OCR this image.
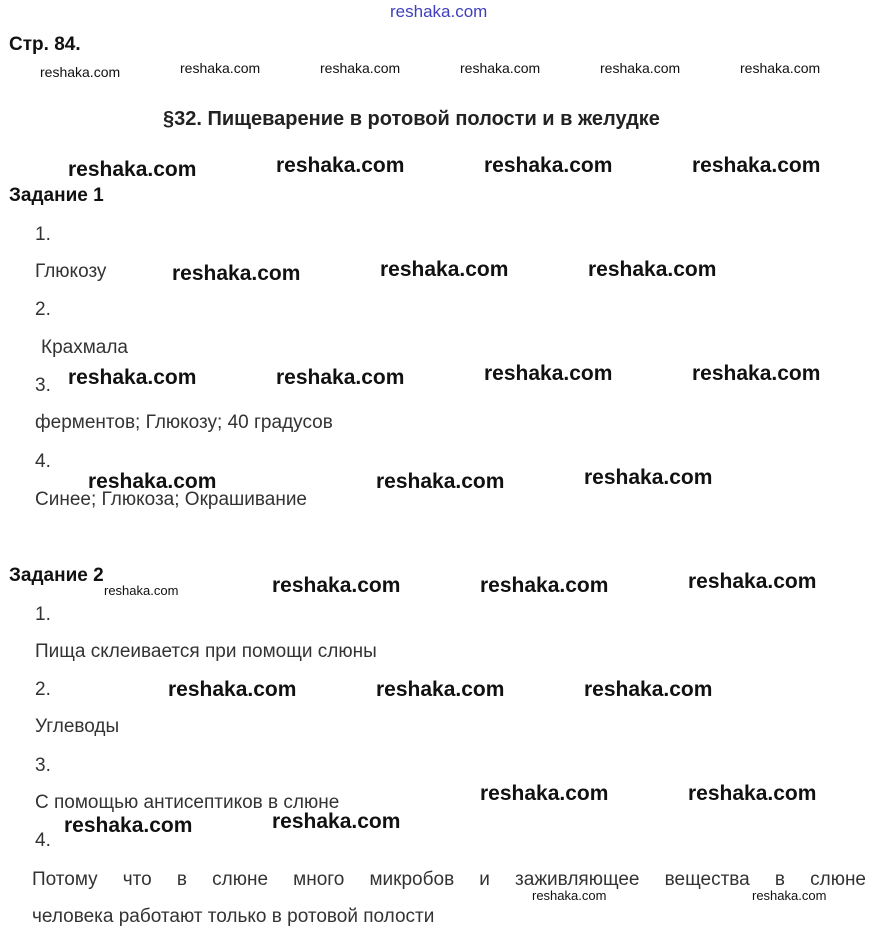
reshaka.com
Стр. 84.
reshaka.com	reshaka.com	reshaka.com	reshaka.com	reshaka.com	reshaka.com
§32. Пищеварение в ротовой полости и в желудке
reshaka.com	reshaka.com	reshaka.com	reshaka.com
Задание 1
1.
Глюкозу	reshaka.com	reshaka.com	reshaka.com
2.
Крахмала
3. reshaka.com	reshaka.com	reshaka.com	reshaka.com
ферментов; Глюкозу; 40 градусов
4.
reshaka.com	reshaka.com	reshaka.com
Синее; Глюкоза; Окрашивание
Задание 2
reshaka.com	reshaka.com	reshaka.com	reshaka.com
1.
Пища склеивается при помощи слюны
2.	reshaka.com	reshaka.com	reshaka.com
Углеводы
3.
С помощью антисептиков в слюне	reshaka.com	reshaka.com
4.
reshaka.com	reshaka.com
Потому что в слюне много микробов и заживляющее вещества в слюне
человека работают только в ротовой полости
reshaka.com	reshaka.com
